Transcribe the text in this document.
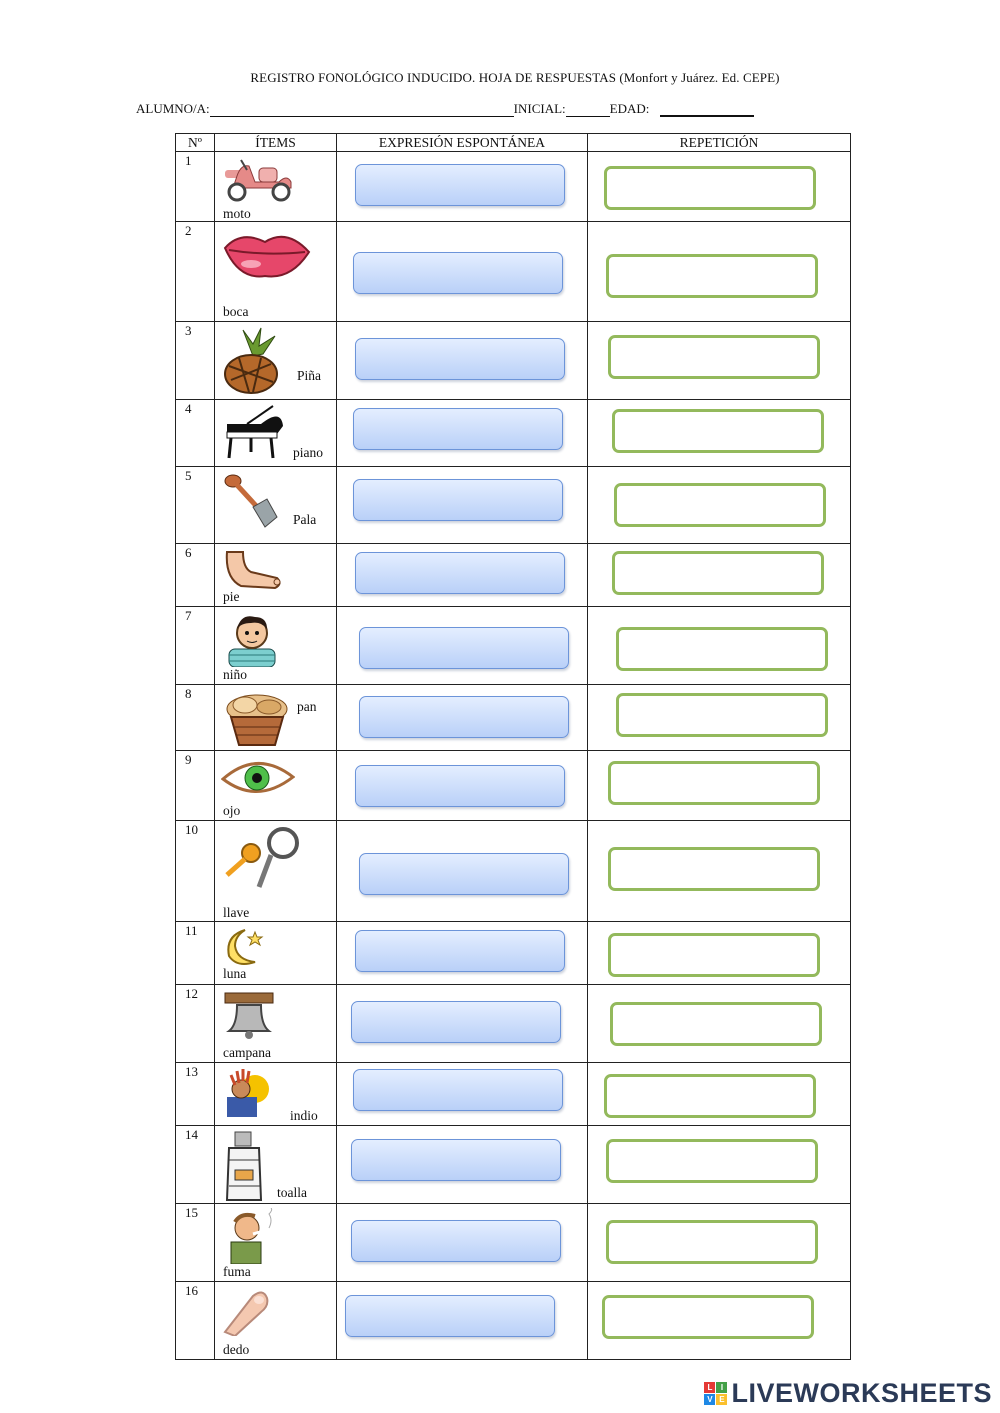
REGISTRO FONOLÓGICO INDUCIDO. HOJA DE RESPUESTAS (Monfort y Juárez. Ed. CEPE)
ALUMNO/A:	INICIAL:	EDAD:
Nº	ÍTEMS	EXPRESIÓN ESPONTÁNEA	REPETICIÓN
1	moto		

2	boca		

3	Piña		

4	piano		

5	Pala		

6	pie		

7	niño		

8	pan		

9	ojo		

10	llave		

11	luna		

12	campana		

13	indio		

14	toalla		

15	fuma		

16	dedo		

L	I
V E LIVEWORKSHEETS
